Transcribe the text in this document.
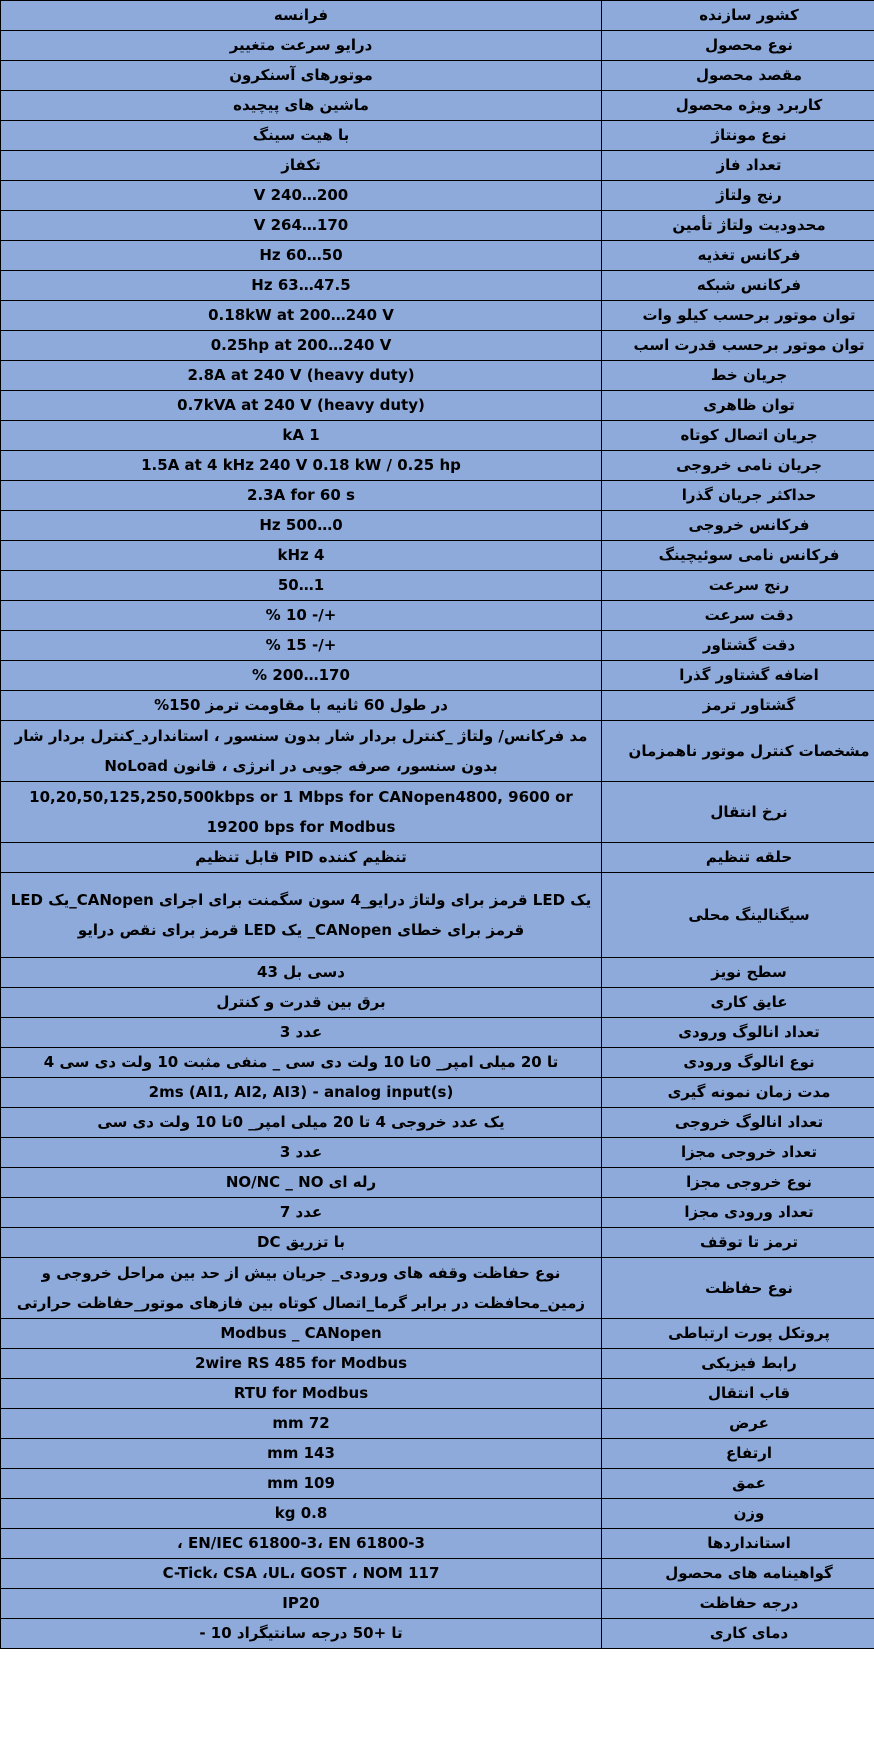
کشور سازنده	فرانسه
نوع محصول	درایو سرعت متغییر
مقصد محصول	موتورهای آسنکرون
کاربرد ویژه محصول	ماشین های پیچیده
نوع مونتاژ	با هیت سینگ
تعداد فاز	تکفاز
رنج ولتاژ	200…240 V
محدودیت ولتاژ تأمین	170…264 V
فرکانس تغذیه	50…60 Hz
فرکانس شبکه	47.5…63 Hz
توان موتور برحسب کیلو وات	0.18kW at 200…240 V
توان موتور برحسب قدرت اسب	0.25hp at 200…240 V
جریان خط	2.8A at 240 V (heavy duty)
توان ظاهری	0.7kVA at 240 V (heavy duty)
جریان اتصال کوتاه	1 kA
جریان نامی خروجی	1.5A at 4 kHz 240 V 0.18 kW / 0.25 hp
حداکثر جریان گذرا	2.3A for 60 s
فرکانس خروجی	0…500 Hz
فرکانس نامی سوئیچینگ	4 kHz
رنج سرعت	1…50
دقت سرعت	+/- 10 %
دقت گشتاور	+/- 15 %
اضافه گشتاور گذرا	170…200 %
گشتاور ترمز	در طول 60 ثانیه با مقاومت ترمز 150%
مشخصات کنترل موتور ناهمزمان	مد فرکانس/ ولتاژ _کنترل بردار شار بدون سنسور ، استاندارد_کنترل بردار شار بدون سنسور، صرفه جویی در انرژی ، قانون NoLoad
نرخ انتقال	10,20,50,125,250,500kbps or 1 Mbps for CANopen4800, 9600 or 19200 bps for Modbus
حلقه تنظیم	تنظیم کننده PID قابل تنظیم
سیگنالینگ محلی	یک LED قرمز برای ولتاژ درایو_4 سون سگمنت برای اجرای CANopen_یک LED قرمز برای خطای CANopen_ یک LED قرمز برای نقص درایو
سطح نویز	دسی بل 43
عایق کاری	برق بین قدرت و کنترل
تعداد انالوگ ورودی	عدد 3
نوع انالوگ ورودی	تا 20 میلی امپر_ 0تا 10 ولت دی سی _ منفی مثبت 10 ولت دی سی 4
مدت زمان نمونه گیری	2ms (AI1, AI2, AI3) - analog input(s)
تعداد انالوگ خروجی	یک عدد خروجی 4 تا 20 میلی امپر_ 0تا 10 ولت دی سی
تعداد خروجی مجزا	عدد 3
نوع خروجی مجزا	رله ای NO/NC _ NO
تعداد ورودی مجزا	عدد 7
ترمز تا توقف	با تزریق DC
نوع حفاظت	نوع حفاظت وقفه های ورودی_ جریان بیش از حد بین مراحل خروجی و زمین_محافظت در برابر گرما_اتصال کوتاه بین فازهای موتور_حفاظت حرارتی
پروتکل پورت ارتباطی	Modbus _ CANopen
رابط فیزیکی	2wire RS 485 for Modbus
قاب انتقال	RTU for Modbus
عرض	72 mm
ارتفاع	143 mm
عمق	109 mm
وزن	0.8 kg
استانداردها	EN/IEC 61800-3، EN 61800-3 ،
گواهینامه های محصول	C-Tick، CSA ،UL، GOST ، NOM 117
درجه حفاظت	IP20
دمای کاری	تا +50 درجه سانتیگراد 10 -
